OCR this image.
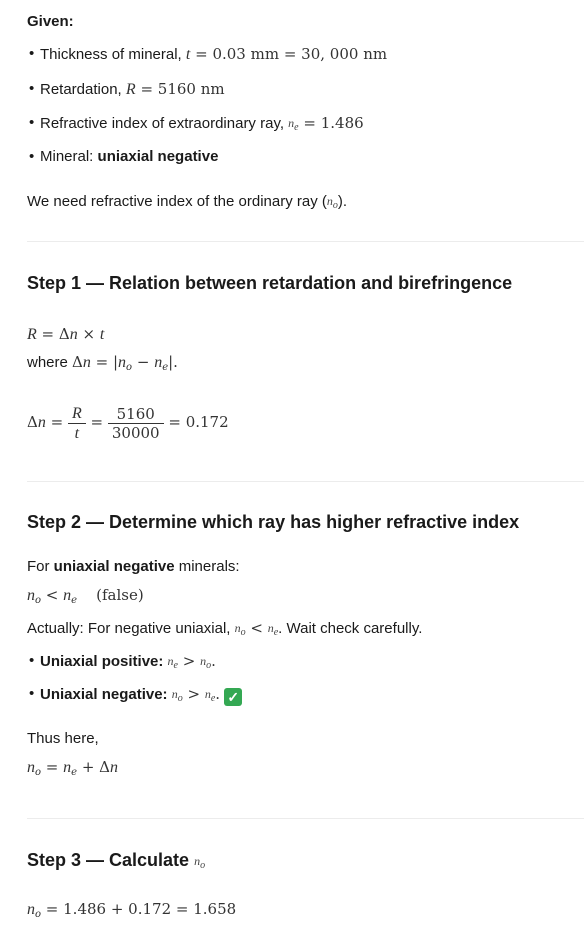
Given:
• Thickness of mineral, t = 0.03 mm = 30, 000 nm
• Retardation, R = 5160 nm
• Refractive index of extraordinary ray, $n_e = 1.486$
• Mineral: uniaxial negative
We need refractive index of the ordinary ray $(n_o)$.
Step 1 — Relation between retardation and birefringence
R = Δn × t
where $\Delta n = |n_o - n_e|$.
$\Delta n = \frac{R}{t} = \frac{5160}{30000} = 0.172$
Step 2 — Determine which ray has higher refractive index
For uniaxial negative minerals:
$n_o < n_e$ (false)
Actually: For negative uniaxial, $n_o < n_e$. Wait check carefully.
• Uniaxial positive: $n_e > n_o$.
• Uniaxial negative: $n_o > n_e$. ✓
Thus here,
$n_o = n_e + \Delta n$
Step 3 — Calculate $n_o$
$n_o = 1.486 + 0.172 = 1.658$
